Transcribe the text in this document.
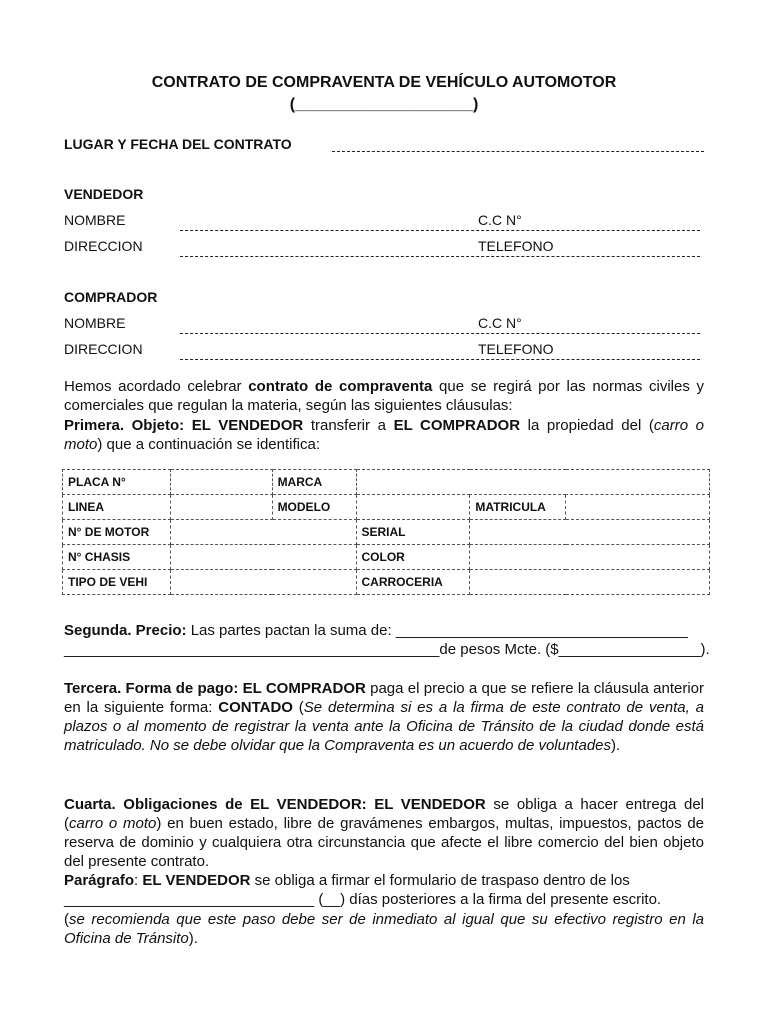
CONTRATO DE COMPRAVENTA DE VEHÍCULO AUTOMOTOR
(____________________)
LUGAR Y FECHA DEL CONTRATO
VENDEDOR
NOMBRE	C.C N°
DIRECCION	TELEFONO
COMPRADOR
NOMBRE	C.C N°
DIRECCION	TELEFONO
Hemos acordado celebrar contrato de compraventa que se regirá por las normas civiles y comerciales que regulan la materia, según las siguientes cláusulas:
Primera. Objeto: EL VENDEDOR transferir a EL COMPRADOR la propiedad del (carro o moto) que a continuación se identifica:
PLACA N°		MARCA			
LINEA		MODELO		MATRICULA	
N° DE MOTOR			SERIAL		
N° CHASIS			COLOR		
TIPO DE VEHI			CARROCERIA		
Segunda. Precio: Las partes pactan la suma de: ___________________________________
_____________________________________________de pesos Mcte. ($_________________).
Tercera. Forma de pago: EL COMPRADOR paga el precio a que se refiere la cláusula anterior en la siguiente forma: CONTADO (Se determina si es a la firma de este contrato de venta, a plazos o al momento de registrar la venta ante la Oficina de Tránsito de la ciudad donde está matriculado. No se debe olvidar que la Compraventa es un acuerdo de voluntades).
Cuarta. Obligaciones de EL VENDEDOR: EL VENDEDOR se obliga a hacer entrega del (carro o moto) en buen estado, libre de gravámenes embargos, multas, impuestos, pactos de reserva de dominio y cualquiera otra circunstancia que afecte el libre comercio del bien objeto del presente contrato.
Parágrafo: EL VENDEDOR se obliga a firmar el formulario de traspaso dentro de los
______________________________ (__) días posteriores a la firma del presente escrito.
(se recomienda que este paso debe ser de inmediato al igual que su efectivo registro en la Oficina de Tránsito).
